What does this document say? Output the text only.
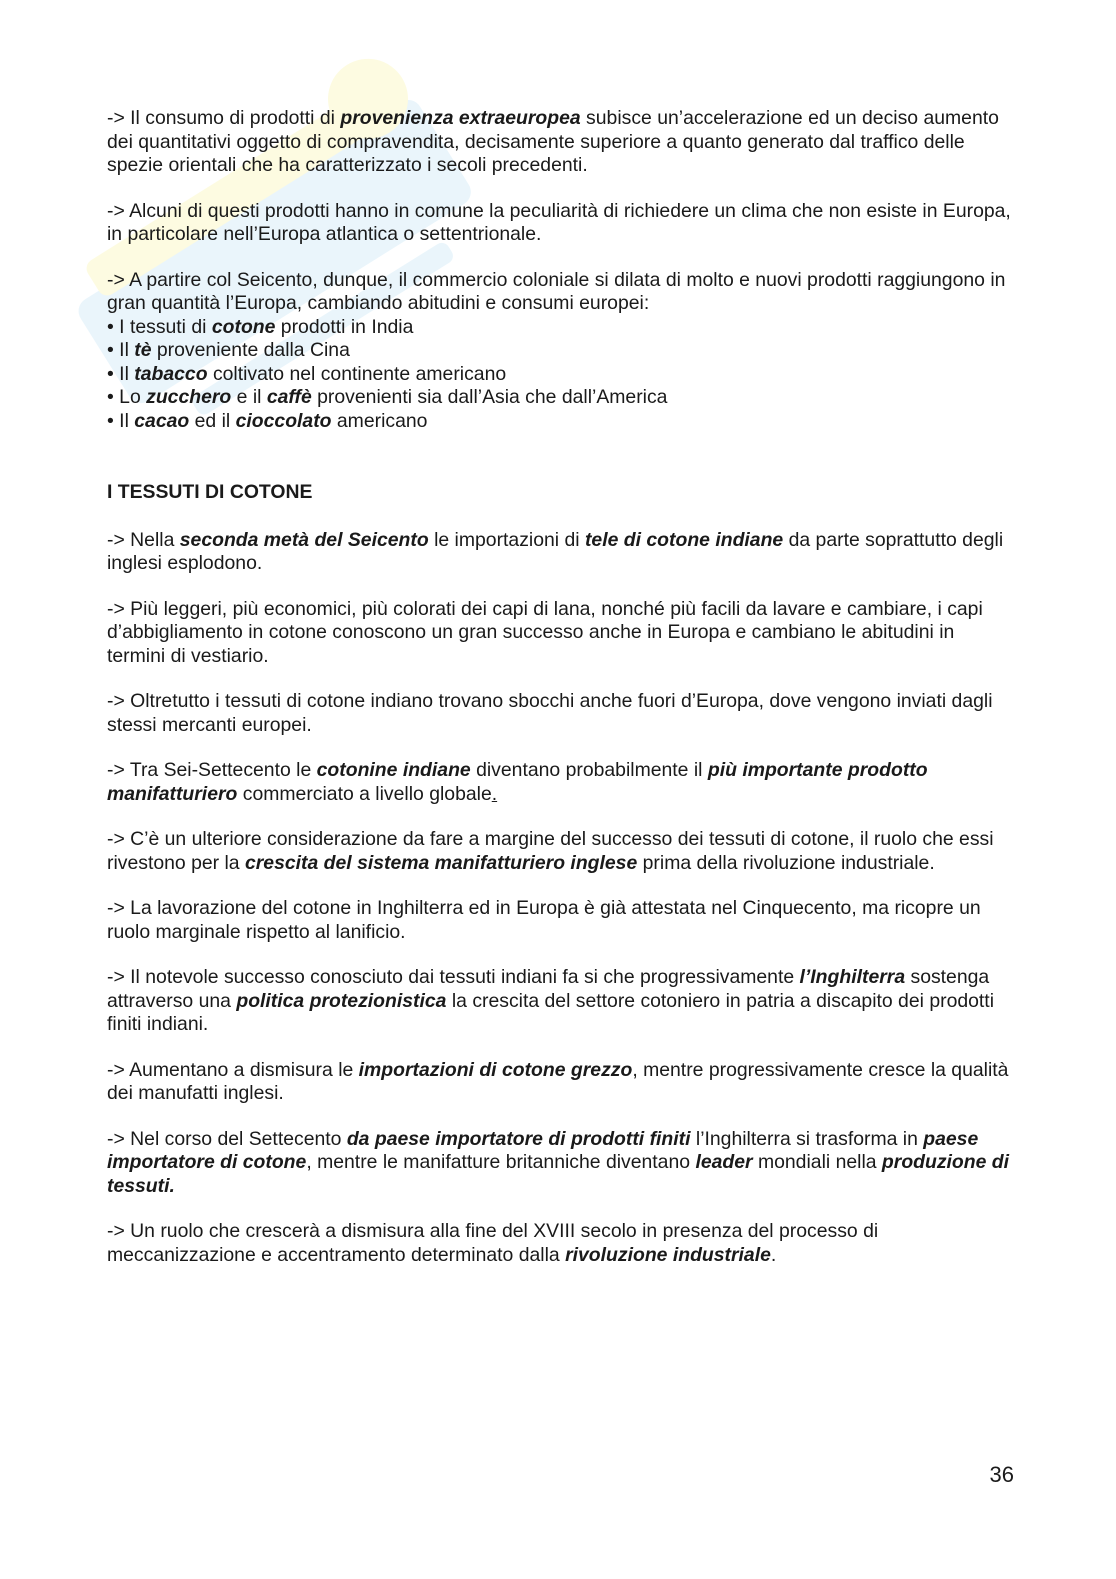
-> Il consumo di prodotti di provenienza extraeuropea subisce un’accelerazione ed un deciso aumento dei quantitativi oggetto di compravendita, decisamente superiore a quanto generato dal traffico delle spezie orientali che ha caratterizzato i secoli precedenti.

-> Alcuni di questi prodotti hanno in comune la peculiarità di richiedere un clima che non esiste in Europa, in particolare nell’Europa atlantica o settentrionale.

-> A partire col Seicento, dunque, il commercio coloniale si dilata di molto e nuovi prodotti raggiungono in gran quantità l’Europa, cambiando abitudini e consumi europei:

• I tessuti di cotone prodotti in India
• Il tè proveniente dalla Cina
• Il tabacco coltivato nel continente americano
• Lo zucchero e il caffè provenienti sia dall’Asia che dall’America
• Il cacao ed il cioccolato americano
I TESSUTI DI COTONE

-> Nella seconda metà del Seicento le importazioni di tele di cotone indiane da parte soprattutto degli inglesi esplodono.

-> Più leggeri, più economici, più colorati dei capi di lana, nonché più facili da lavare e cambiare, i capi d’abbigliamento in cotone conoscono un gran successo anche in Europa e cambiano le abitudini in termini di vestiario.

-> Oltretutto i tessuti di cotone indiano trovano sbocchi anche fuori d’Europa, dove vengono inviati dagli stessi mercanti europei.

-> Tra Sei-Settecento le cotonine indiane diventano probabilmente il più importante prodotto manifatturiero commerciato a livello globale.

-> C’è un ulteriore considerazione da fare a margine del successo dei tessuti di cotone, il ruolo che essi rivestono per la crescita del sistema manifatturiero inglese prima della rivoluzione industriale.

-> La lavorazione del cotone in Inghilterra ed in Europa è già attestata nel Cinquecento, ma ricopre un ruolo marginale rispetto al lanificio.

-> Il notevole successo conosciuto dai tessuti indiani fa si che progressivamente l’Inghilterra sostenga attraverso una politica protezionistica la crescita del settore cotoniero in patria a discapito dei prodotti finiti indiani.

-> Aumentano a dismisura le importazioni di cotone grezzo, mentre progressivamente cresce la qualità dei manufatti inglesi.

-> Nel corso del Settecento da paese importatore di prodotti finiti l’Inghilterra si trasforma in paese importatore di cotone, mentre le manifatture britanniche diventano leader mondiali nella produzione di tessuti.

-> Un ruolo che crescerà a dismisura alla fine del XVIII secolo in presenza del processo di meccanizzazione e accentramento determinato dalla rivoluzione industriale.

36
